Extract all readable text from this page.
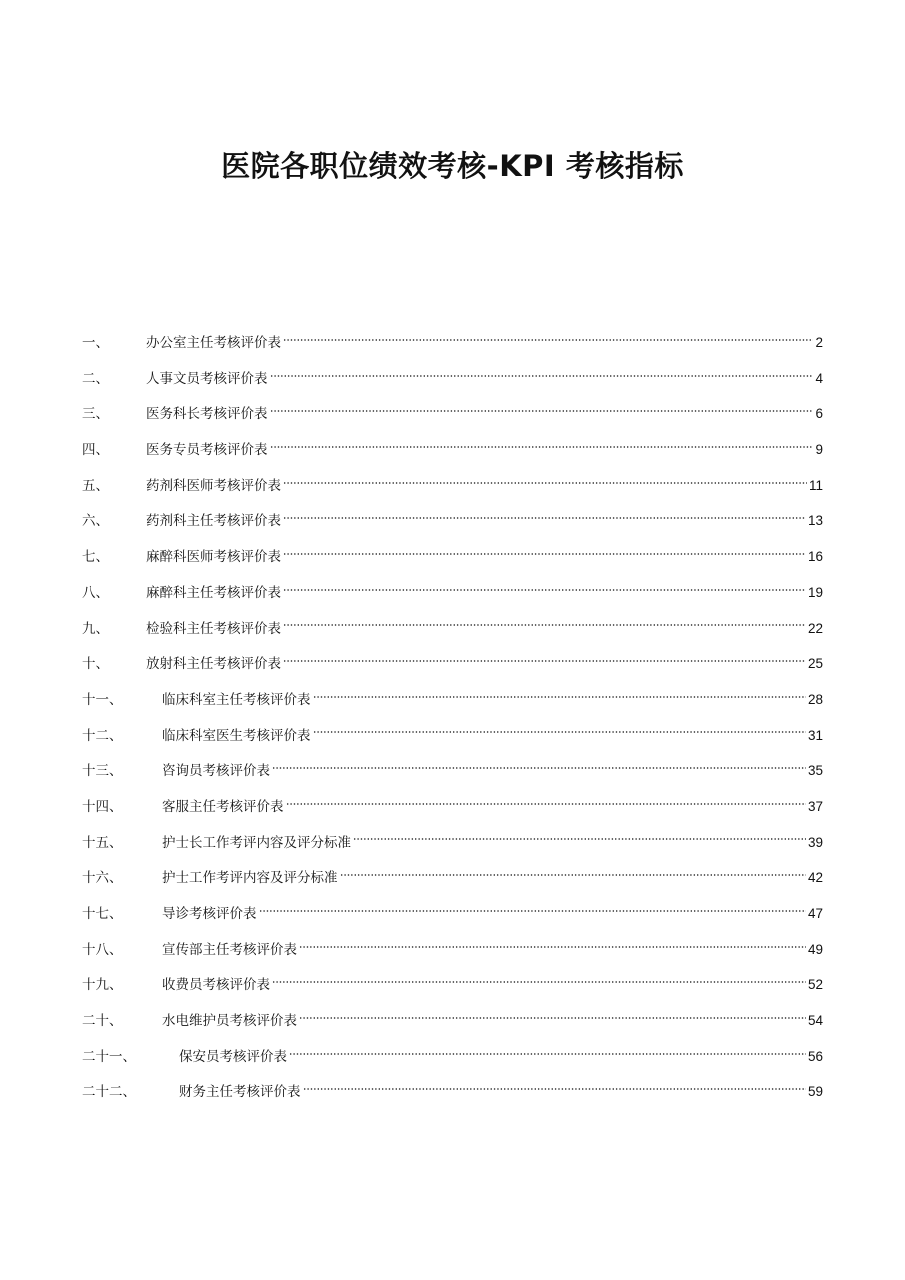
医院各职位绩效考核-KPI 考核指标
一、	办公室主任考核评价表	2
二、	人事文员考核评价表	4
三、	医务科长考核评价表	6
四、	医务专员考核评价表	9
五、	药剂科医师考核评价表	11
六、	药剂科主任考核评价表	13
七、	麻醉科医师考核评价表	16
八、	麻醉科主任考核评价表	19
九、	检验科主任考核评价表	22
十、	放射科主任考核评价表	25
十一、	临床科室主任考核评价表	28
十二、	临床科室医生考核评价表	31
十三、	咨询员考核评价表	35
十四、	客服主任考核评价表	37
十五、	护士长工作考评内容及评分标准	39
十六、	护士工作考评内容及评分标准	42
十七、	导诊考核评价表	47
十八、	宣传部主任考核评价表	49
十九、	收费员考核评价表	52
二十、	水电维护员考核评价表	54
二十一、	保安员考核评价表	56
二十二、	财务主任考核评价表	59
